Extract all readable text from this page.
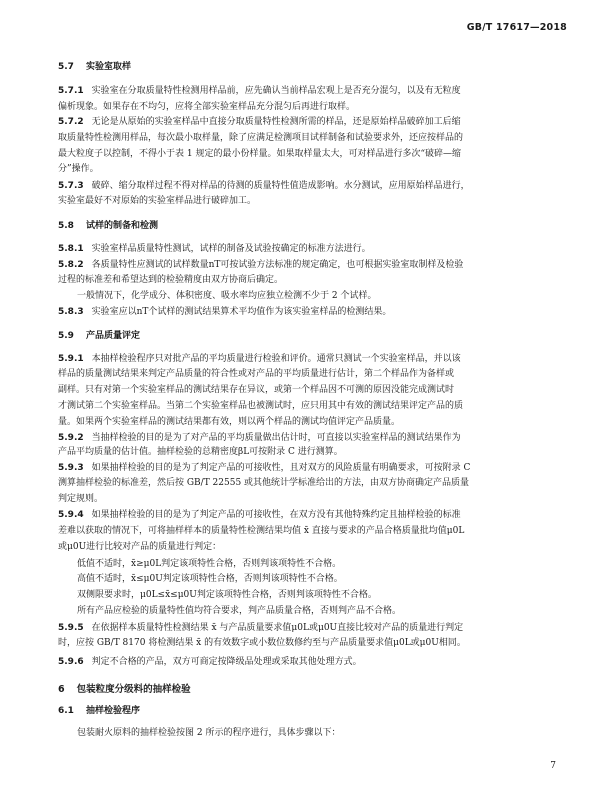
GB/T 17617—2018
5.7 实验室取样
5.7.1 实验室在分取质量特性检测用样品前，应先确认当前样品宏观上是否充分混匀，以及有无粒度
偏析现象。如果存在不均匀，应将全部实验室样品充分混匀后再进行取样。
5.7.2 无论是从原始的实验室样品中直接分取质量特性检测所需的样品，还是原始样品破碎加工后缩
取质量特性检测用样品，每次最小取样量，除了应满足检测项目试样制备和试验要求外，还应按样品的
最大粒度子以控制，不得小于表 1 规定的最小份样量。如果取样量太大，可对样品进行多次“破碎—缩
分”操作。
5.7.3 破碎、缩分取样过程不得对样品的待测的质量特性值造成影响。水分测试，应用原始样品进行，
实验室最好不对原始的实验室样品进行破碎加工。
5.8 试样的制备和检测
5.8.1 实验室样品质量特性测试，试样的制备及试验按确定的标准方法进行。
5.8.2 各质量特性应测试的试样数量nT可按试验方法标准的规定确定，也可根据实验室取制样及检验
过程的标准差和希望达到的检验精度由双方协商后确定。
一般情况下，化学成分、体积密度、吸水率均应独立检测不少于 2 个试样。
5.8.3 实验室应以nT个试样的测试结果算术平均值作为该实验室样品的检测结果。
5.9 产品质量评定
5.9.1 本抽样检验程序只对批产品的平均质量进行检验和评价。通常只测试一个实验室样品，并以该
样品的质量测试结果来判定产品质量的符合性或对产品的平均质量进行估计，第二个样品作为备样或
副样。只有对第一个实验室样品的测试结果存在异议，或第一个样品因不可测的原因没能完成测试时
才测试第二个实验室样品。当第二个实验室样品也被测试时，应只用其中有效的测试结果评定产品的质
量。如果两个实验室样品的测试结果都有效，则以两个样品的测试均值评定产品质量。
5.9.2 当抽样检验的目的是为了对产品的平均质量做出估计时，可直接以实验室样品的测试结果作为
产品平均质量的估计值。抽样检验的总精密度βL可按附录 C 进行测算。
5.9.3 如果抽样检验的目的是为了判定产品的可接收性，且对双方的风险质量有明确要求，可按附录 C
测算抽样检验的标准差，然后按 GB/T 22555 或其他统计学标准给出的方法，由双方协商确定产品质量
判定规则。
5.9.4 如果抽样检验的目的是为了判定产品的可接收性，在双方没有其他特殊约定且抽样检验的标准
差难以获取的情况下，可将抽样样本的质量特性检测结果均值 x̄ 直接与要求的产品合格质量批均值μ0L
或μ0U进行比较对产品的质量进行判定：
低值不适时，x̄≥μ0L判定该项特性合格，否则判该项特性不合格。
高值不适时，x̄≤μ0U判定该项特性合格，否则判该项特性不合格。
双侧限要求时，μ0L≤x̄≤μ0U判定该项特性合格，否则判该项特性不合格。
所有产品应检验的质量特性值均符合要求，判产品质量合格，否则判产品不合格。
5.9.5 在依据样本质量特性检测结果 x̄ 与产品质量要求值μ0L或μ0U直接比较对产品的质量进行判定
时，应按 GB/T 8170 将检测结果 x̄ 的有效数字或小数位数修约至与产品质量要求值μ0L或μ0U相同。
5.9.6 判定不合格的产品，双方可商定按降级品处理或采取其他处理方式。
6 包装粒度分级料的抽样检验
6.1 抽样检验程序
包装耐火原料的抽样检验按图 2 所示的程序进行，具体步骤以下：
7
